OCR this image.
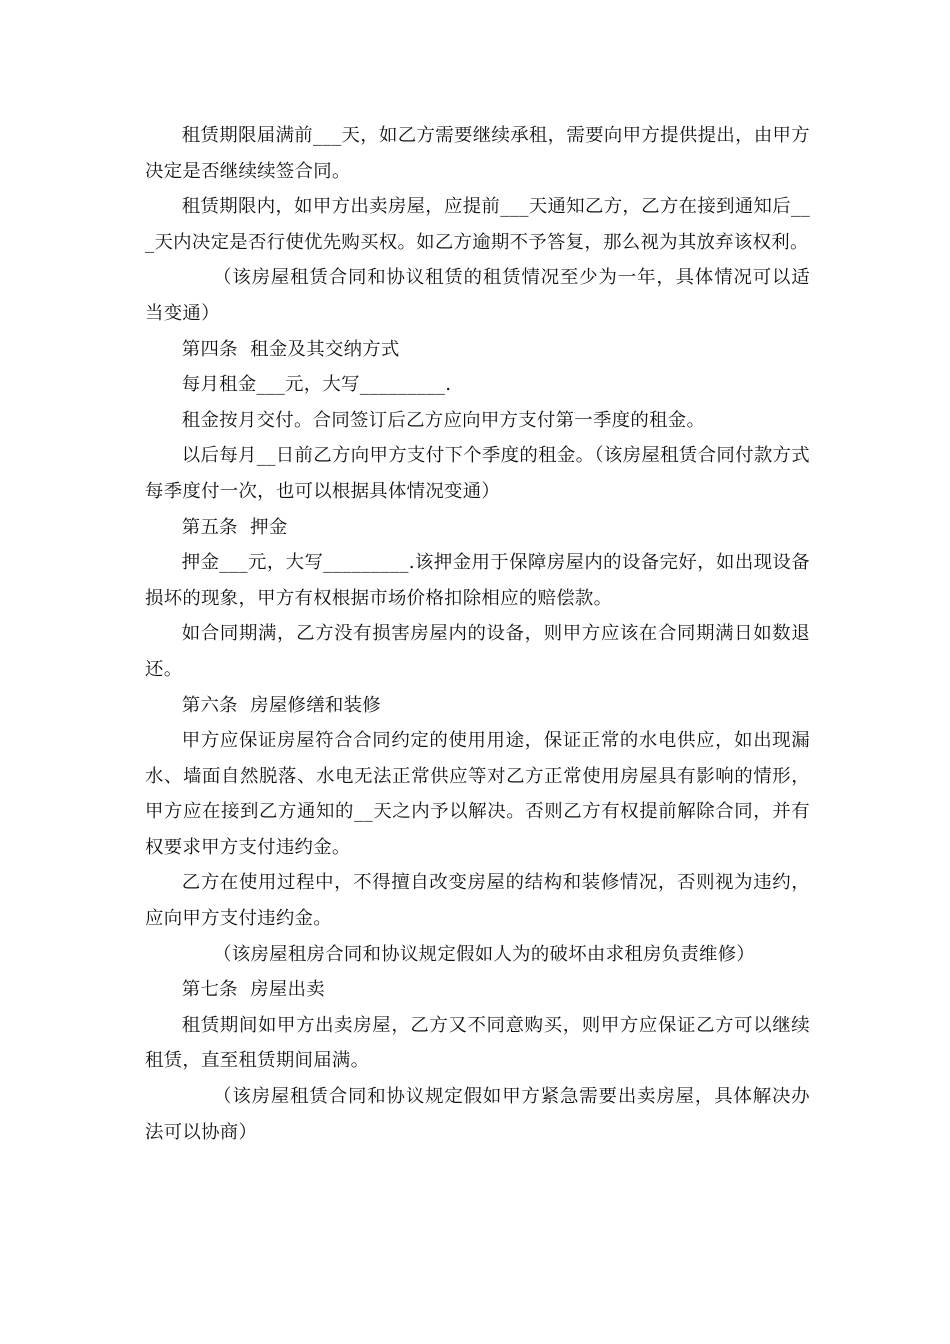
租赁期限届满前___天，如乙方需要继续承租，需要向甲方提供提出，由甲方决定是否继续续签合同。

租赁期限内，如甲方出卖房屋，应提前___天通知乙方，乙方在接到通知后___天内决定是否行使优先购买权。如乙方逾期不予答复，那么视为其放弃该权利。

（该房屋租赁合同和协议租赁的租赁情况至少为一年，具体情况可以适当变通）

第四条  租金及其交纳方式

每月租金___元，大写_________.

租金按月交付。合同签订后乙方应向甲方支付第一季度的租金。

以后每月__日前乙方向甲方支付下个季度的租金。（该房屋租赁合同付款方式每季度付一次，也可以根据具体情况变通）

第五条  押金

押金___元，大写_________.该押金用于保障房屋内的设备完好，如出现设备损坏的现象，甲方有权根据市场价格扣除相应的赔偿款。

如合同期满，乙方没有损害房屋内的设备，则甲方应该在合同期满日如数退还。

第六条  房屋修缮和装修

甲方应保证房屋符合合同约定的使用用途，保证正常的水电供应，如出现漏水、墙面自然脱落、水电无法正常供应等对乙方正常使用房屋具有影响的情形，甲方应在接到乙方通知的__天之内予以解决。否则乙方有权提前解除合同，并有权要求甲方支付违约金。

乙方在使用过程中，不得擅自改变房屋的结构和装修情况，否则视为违约，应向甲方支付违约金。

（该房屋租房合同和协议规定假如人为的破坏由求租房负责维修）

第七条  房屋出卖

租赁期间如甲方出卖房屋，乙方又不同意购买，则甲方应保证乙方可以继续租赁，直至租赁期间届满。

（该房屋租赁合同和协议规定假如甲方紧急需要出卖房屋，具体解决办法可以协商）
